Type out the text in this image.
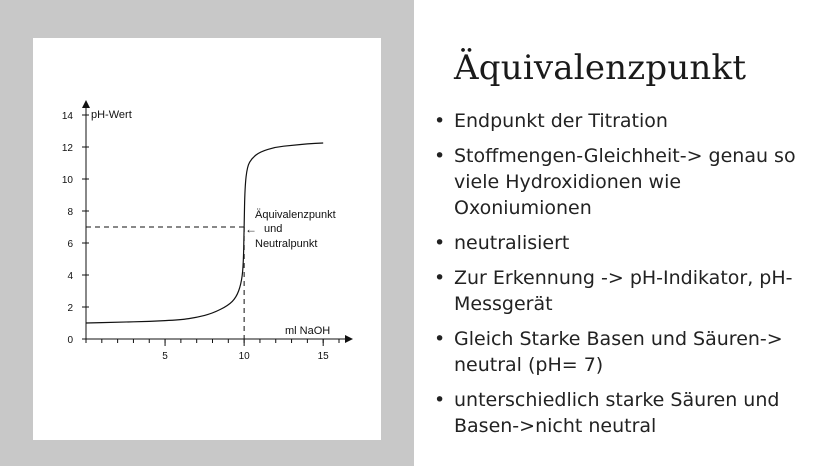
0
2
4
6
8
10
12
14
5	10	15
pH-Wert
ml NaOH
Äquivalenzpunkt
← und
Neutralpunkt
Äquivalenzpunkt
• Endpunkt der Titration
• Stoffmengen-Gleichheit-> genau so viele Hydroxidionen wie Oxoniumionen
• neutralisiert
• Zur Erkennung -> pH-Indikator, pH-Messgerät
• Gleich Starke Basen und Säuren-> neutral (pH= 7)
• unterschiedlich starke Säuren und Basen->nicht neutral
